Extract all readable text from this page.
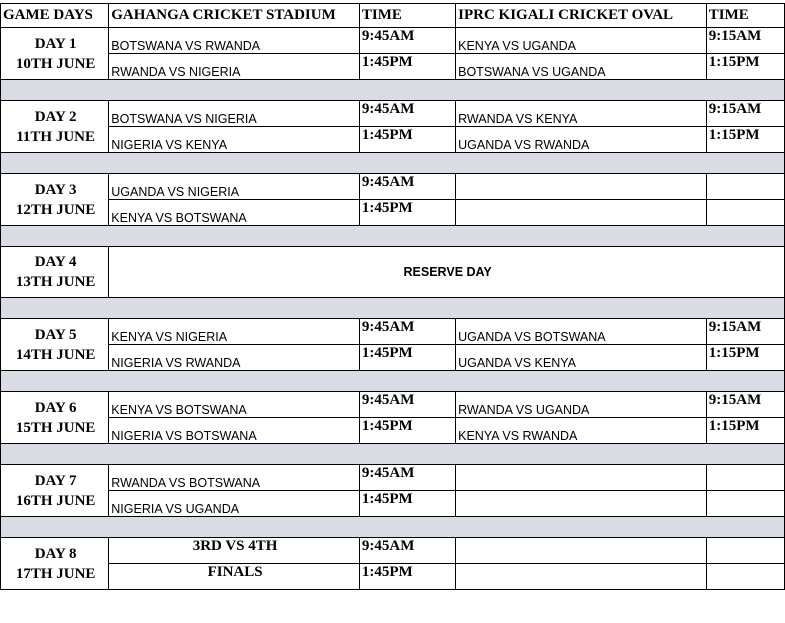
GAME DAYS	GAHANGA CRICKET STADIUM	TIME	IPRC KIGALI CRICKET OVAL	TIME

DAY 1
10TH JUNE	BOTSWANA VS RWANDA	9:45AM	KENYA VS UGANDA	9:15AM
	RWANDA VS NIGERIA	1:45PM	BOTSWANA VS UGANDA	1:15PM

DAY 2
11TH JUNE	BOTSWANA VS NIGERIA	9:45AM	RWANDA VS KENYA	9:15AM
	NIGERIA VS KENYA	1:45PM	UGANDA VS RWANDA	1:15PM

DAY 3
12TH JUNE	UGANDA VS NIGERIA	9:45AM		
	KENYA VS BOTSWANA	1:45PM		

DAY 4
13TH JUNE	RESERVE DAY			

DAY 5
14TH JUNE	KENYA VS NIGERIA	9:45AM	UGANDA VS BOTSWANA	9:15AM
	NIGERIA VS RWANDA	1:45PM	UGANDA VS KENYA	1:15PM

DAY 6
15TH JUNE	KENYA VS BOTSWANA	9:45AM	RWANDA VS UGANDA	9:15AM
	NIGERIA VS BOTSWANA	1:45PM	KENYA VS RWANDA	1:15PM

DAY 7
16TH JUNE	RWANDA VS BOTSWANA	9:45AM		
	NIGERIA VS UGANDA	1:45PM		

DAY 8
17TH JUNE	3RD VS 4TH	9:45AM		
	FINALS	1:45PM		
